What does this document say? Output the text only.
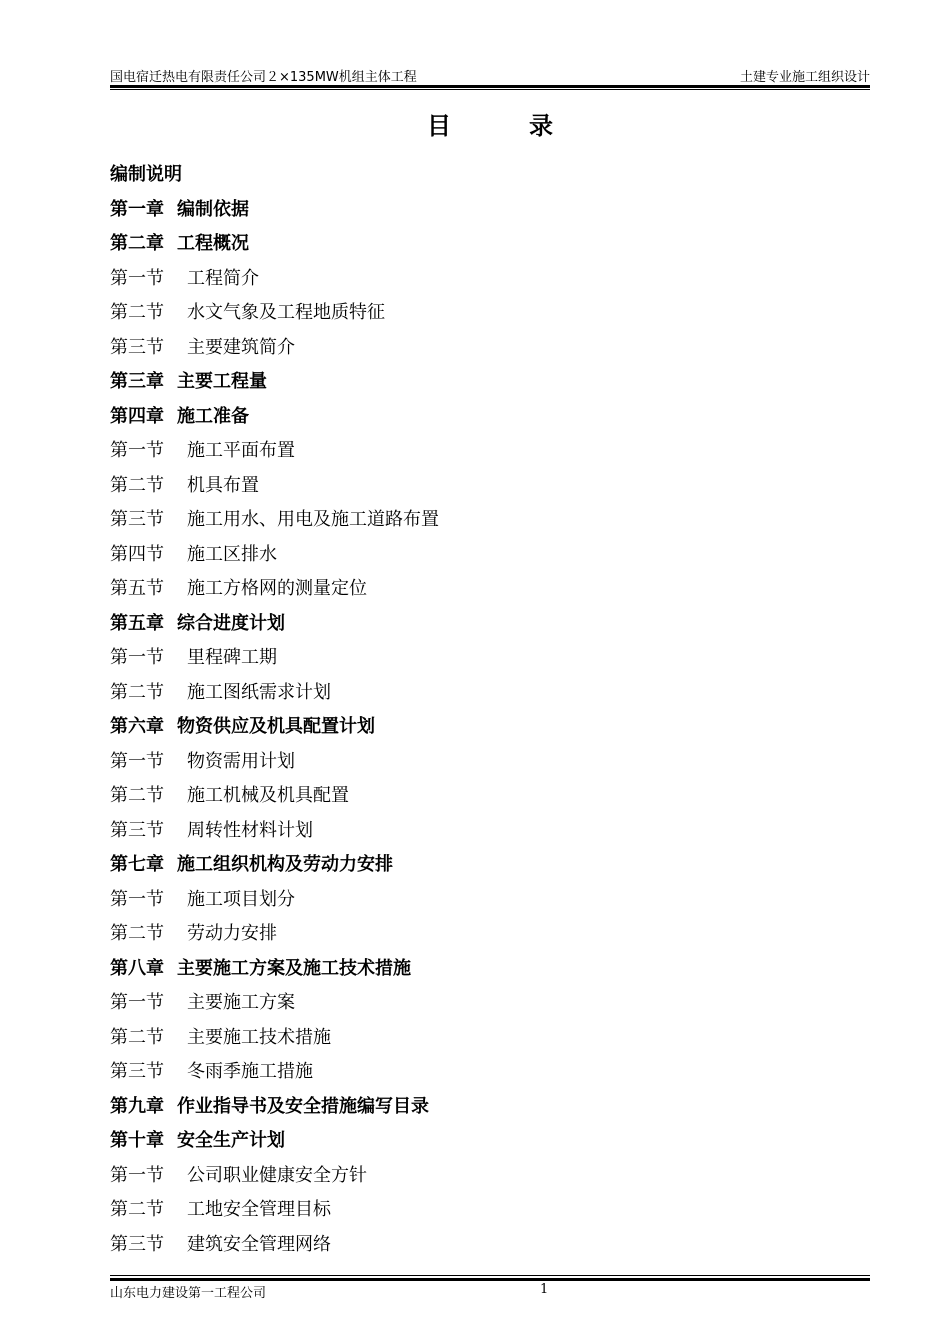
国电宿迁热电有限责任公司２×135MW机组主体工程	土建专业施工组织设计
目	录
编制说明
第一章 编制依据
第二章 工程概况
第一节 工程简介
第二节 水文气象及工程地质特征
第三节 主要建筑简介
第三章 主要工程量
第四章 施工准备
第一节 施工平面布置
第二节 机具布置
第三节 施工用水、用电及施工道路布置
第四节 施工区排水
第五节 施工方格网的测量定位
第五章 综合进度计划
第一节 里程碑工期
第二节 施工图纸需求计划
第六章 物资供应及机具配置计划
第一节 物资需用计划
第二节 施工机械及机具配置
第三节 周转性材料计划
第七章 施工组织机构及劳动力安排
第一节 施工项目划分
第二节 劳动力安排
第八章 主要施工方案及施工技术措施
第一节 主要施工方案
第二节 主要施工技术措施
第三节 冬雨季施工措施
第九章 作业指导书及安全措施编写目录
第十章 安全生产计划
第一节 公司职业健康安全方针
第二节 工地安全管理目标
第三节 建筑安全管理网络
山东电力建设第一工程公司	1
